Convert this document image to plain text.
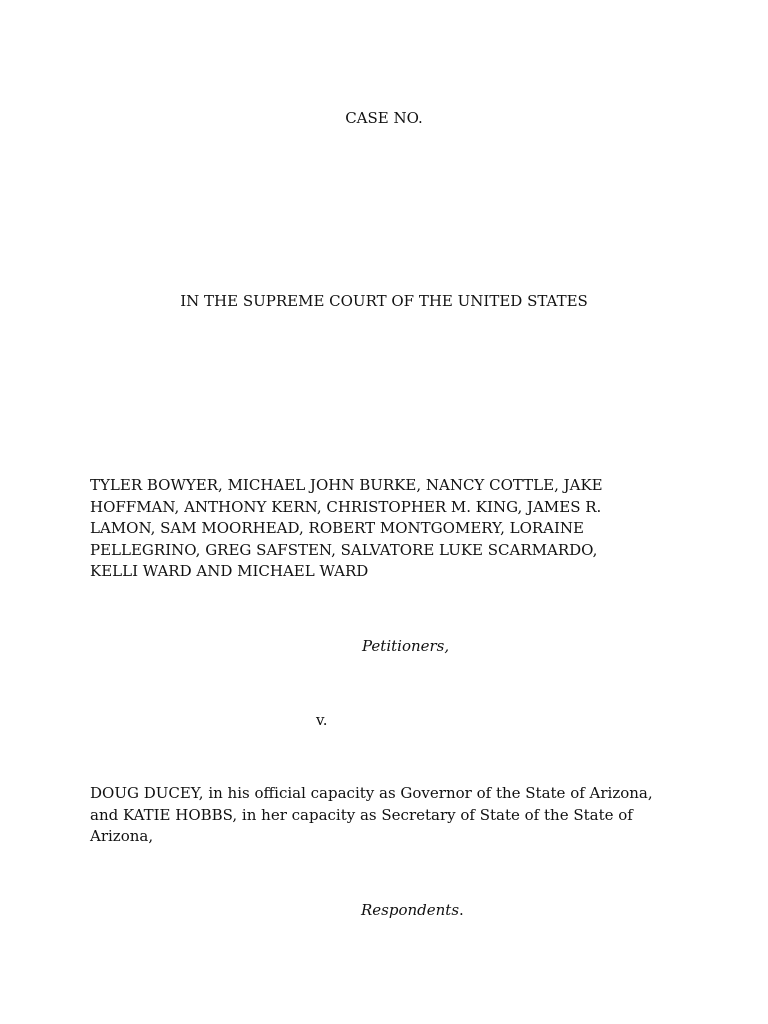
CASE NO.
IN THE SUPREME COURT OF THE UNITED STATES
TYLER BOWYER, MICHAEL JOHN BURKE, NANCY COTTLE, JAKE
HOFFMAN, ANTHONY KERN, CHRISTOPHER M. KING, JAMES R.
LAMON, SAM MOORHEAD, ROBERT MONTGOMERY, LORAINE
PELLEGRINO, GREG SAFSTEN, SALVATORE LUKE SCARMARDO,
KELLI WARD AND MICHAEL WARD
Petitioners,
v.
DOUG DUCEY, in his official capacity as Governor of the State of Arizona,
and KATIE HOBBS, in her capacity as Secretary of State of the State of
Arizona,
Respondents.
